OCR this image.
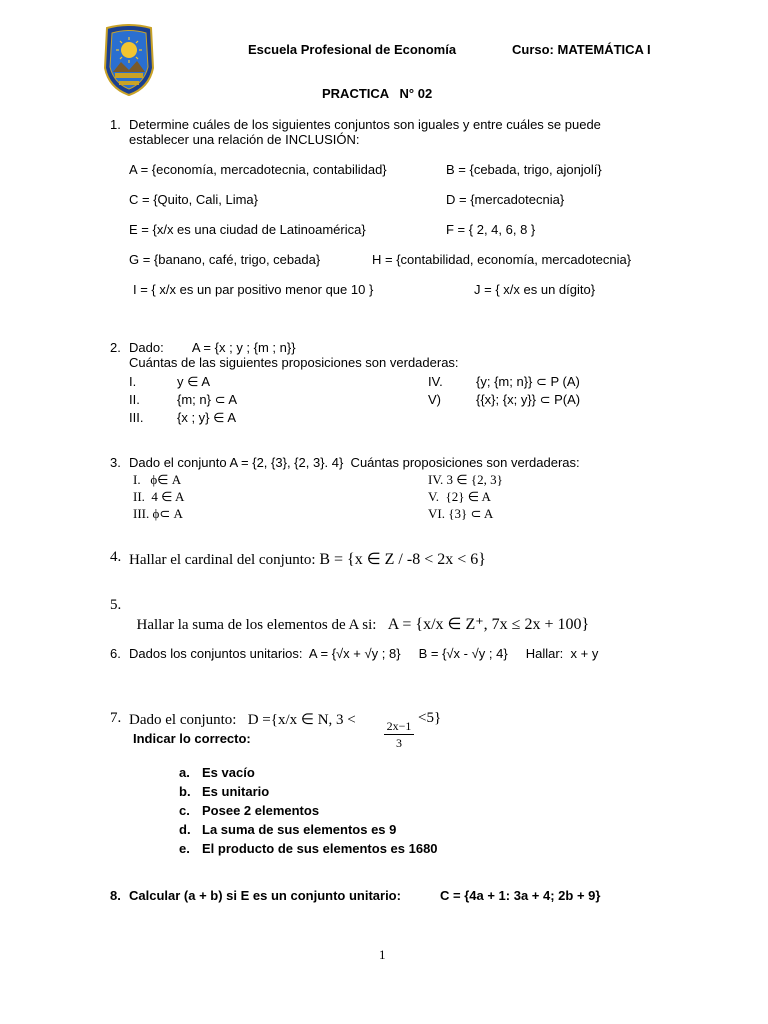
Escuela Profesional de Economía	Curso: MATEMÁTICA I
PRACTICA   N° 02
1. Determine cuáles de los siguientes conjuntos son iguales y entre cuáles se puede
establecer una relación de INCLUSIÓN:
A = {economía, mercadotecnia, contabilidad}	B = {cebada, trigo, ajonjolí}
C = {Quito, Cali, Lima}	D = {mercadotecnia}
E = {x/x es una ciudad de Latinoamérica}	F = { 2, 4, 6, 8 }
G = {banano, café, trigo, cebada}	H = {contabilidad, economía, mercadotecnia}
I = { x/x es un par positivo menor que 10 }	J = { x/x es un dígito}
2. Dado:        A = {x ; y ; {m ; n}}
Cuántas de las siguientes proposiciones son verdaderas:
I.	y ∈ A
II.	{m; n} ⊂ A
III.	{x ; y} ∈ A
IV.	{y; {m; n}} ⊂ P (A)
V)	{{x}; {x; y}} ⊂ P(A)
3. Dado el conjunto A = {2, {3}, {2, 3}. 4}  Cuántas proposiciones son verdaderas:
I.   ϕ∈ A
II.  4 ∈ A
III. ϕ⊂ A
IV. 3 ∈ {2, 3}
V.  {2} ∈ A
VI. {3} ⊂ A
4. Hallar el cardinal del conjunto: B = {x ∈ Z / -8 < 2x < 6}
5.

Hallar la suma de los elementos de A si:   A = {x/x ∈ Z⁺, 7x ≤ 2x + 100}

6. Dados los conjuntos unitarios:  A = {√x + √y ; 8}     B = {√x - √y ; 4}     Hallar:  x + y
7. Dado el conjunto:   D ={x/x ∈ N, 3 <	2x−1
3
<5}
Indicar lo correcto:
a. Es vacío
b. Es unitario
c. Posee 2 elementos
d. La suma de sus elementos es 9
e. El producto de sus elementos es 1680
8. Calcular (a + b) si E es un conjunto unitario:	C = {4a + 1: 3a + 4; 2b + 9}
1
